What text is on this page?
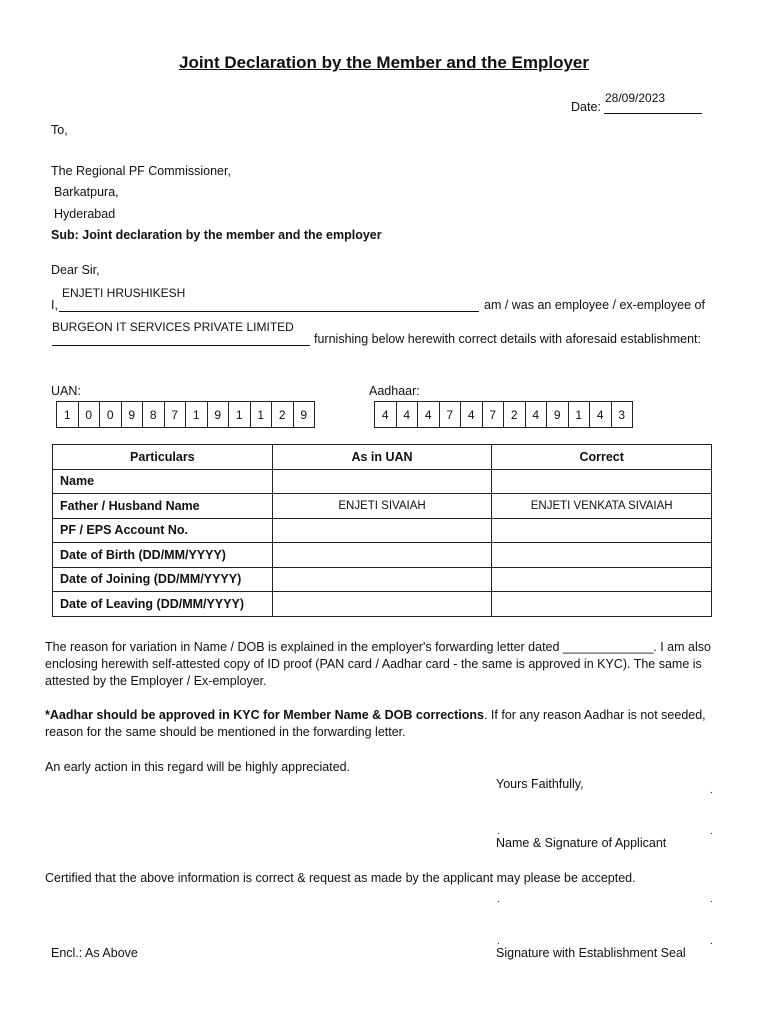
Joint Declaration by the Member and the Employer
28/09/2023
Date:
To,
The Regional PF Commissioner,
Barkatpura,
Hyderabad
Sub: Joint declaration by the member and the employer
Dear Sir,
ENJETI HRUSHIKESH
I,	am / was an employee / ex-employee of
BURGEON IT SERVICES PRIVATE LIMITED
furnishing below herewith correct details with aforesaid establishment:
UAN:
1	0	0	9	8	7	1	9	1	1	2	9
Aadhaar:
4	4	4	7	4	7	2	4	9	1	4	3
Particulars	As in UAN	Correct
Name		
Father / Husband Name	ENJETI SIVAIAH	ENJETI VENKATA SIVAIAH
PF / EPS Account No.		
Date of Birth (DD/MM/YYYY)		
Date of Joining (DD/MM/YYYY)		
Date of Leaving (DD/MM/YYYY)		
The reason for variation in Name / DOB is explained in the employer's forwarding letter dated _____________. I am also enclosing herewith self-attested copy of ID proof (PAN card / Aadhar card - the same is approved in KYC). The same is attested by the Employer / Ex-employer.
*Aadhar should be approved in KYC for Member Name & DOB corrections. If for any reason Aadhar is not seeded, reason for the same should be mentioned in the forwarding letter.
An early action in this regard will be highly appreciated.
Yours Faithfully,	.
.	.
Name & Signature of Applicant
Certified that the above information is correct & request as made by the applicant may please be accepted.
.	.
.	.
Encl.: As Above	Signature with Establishment Seal
